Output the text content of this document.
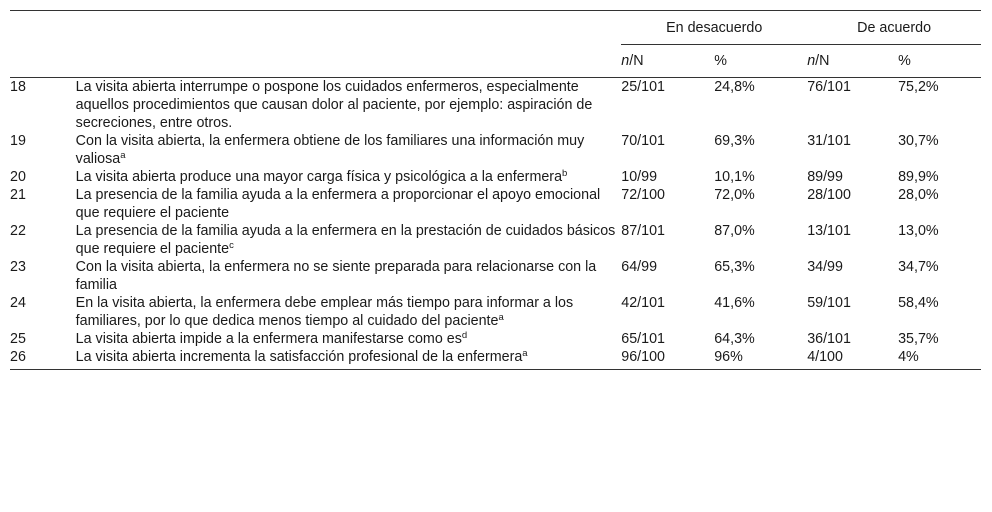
		En desacuerdo		De acuerdo	

		n/N	%	n/N	%
18	La visita abierta interrumpe o pospone los cuidados enfermeros, especialmente aquellos procedimientos que causan dolor al paciente, por ejemplo: aspiración de secreciones, entre otros.	25/101	24,8%	76/101	75,2%
19	Con la visita abierta, la enfermera obtiene de los familiares una información muy valiosa$^a$	70/101	69,3%	31/101	30,7%
20	La visita abierta produce una mayor carga física y psicológica a la enfermera$^b$	10/99	10,1%	89/99	89,9%
21	La presencia de la familia ayuda a la enfermera a proporcionar el apoyo emocional que requiere el paciente	72/100	72,0%	28/100	28,0%
22	La presencia de la familia ayuda a la enfermera en la prestación de cuidados básicos que requiere el paciente$^c$	87/101	87,0%	13/101	13,0%
23	Con la visita abierta, la enfermera no se siente preparada para relacionarse con la familia	64/99	65,3%	34/99	34,7%
24	En la visita abierta, la enfermera debe emplear más tiempo para informar a los familiares, por lo que dedica menos tiempo al cuidado del paciente$^a$	42/101	41,6%	59/101	58,4%
25	La visita abierta impide a la enfermera manifestarse como $es^d$	65/101	64,3%	36/101	35,7%
26	La visita abierta incrementa la satisfacción profesional de la enfermera$^a$	96/100	96%	4/100	4%
